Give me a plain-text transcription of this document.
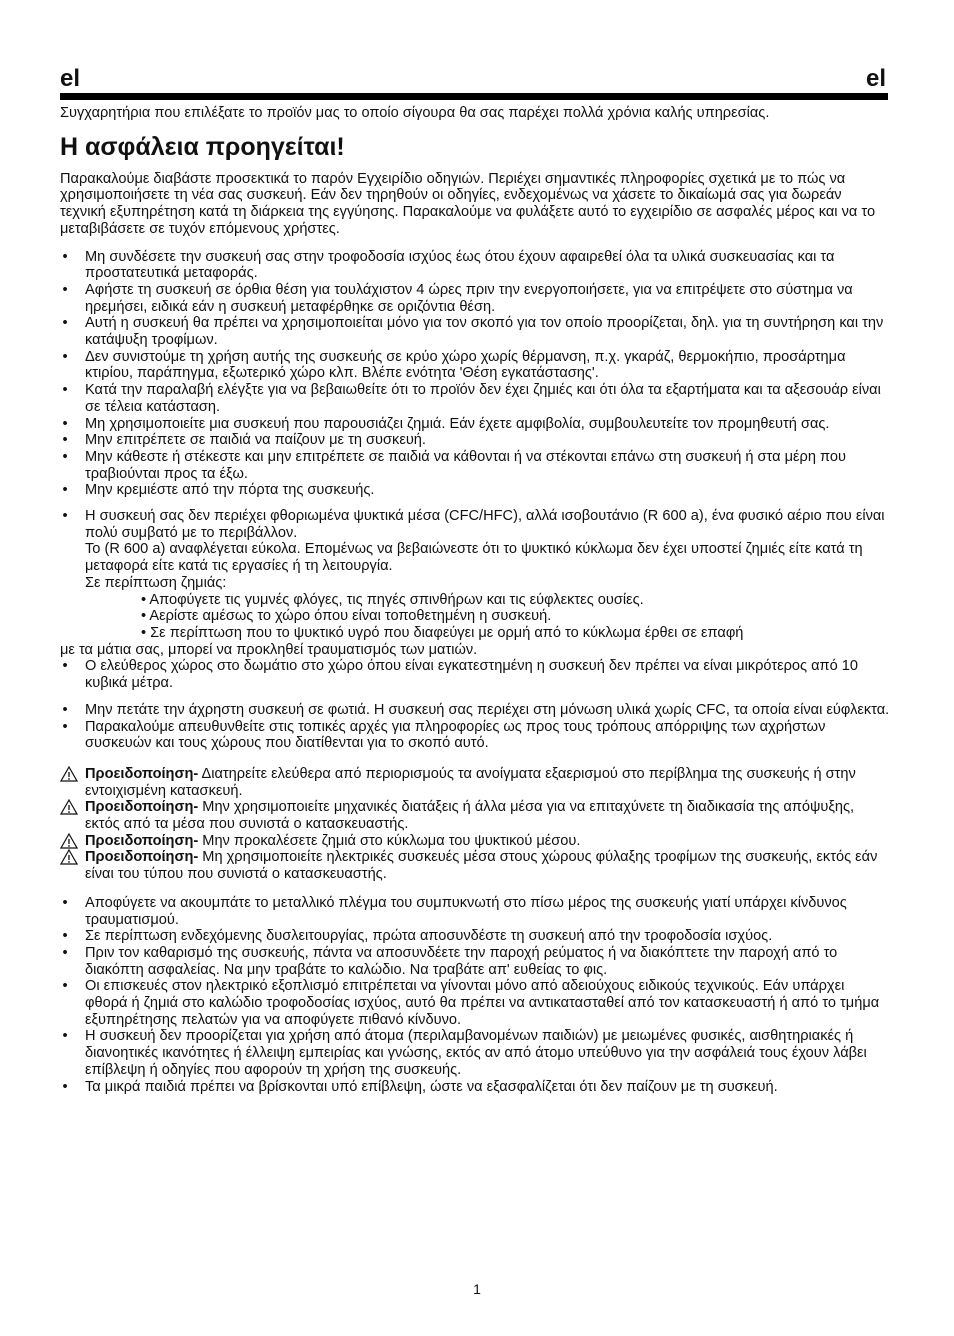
el	el

Συγχαρητήρια που επιλέξατε το προϊόν μας το οποίο σίγουρα θα σας παρέχει πολλά χρόνια καλής υπηρεσίας.

Η ασφάλεια προηγείται!

Παρακαλούμε διαβάστε προσεκτικά το παρόν Εγχειρίδιο οδηγιών. Περιέχει σημαντικές πληροφορίες σχετικά με το πώς να χρησιμοποιήσετε τη νέα σας συσκευή. Εάν δεν τηρηθούν οι οδηγίες, ενδεχομένως να χάσετε το δικαίωμά σας για δωρεάν τεχνική εξυπηρέτηση κατά τη διάρκεια της εγγύησης. Παρακαλούμε να φυλάξετε αυτό το εγχειρίδιο σε ασφαλές μέρος και να το μεταβιβάσετε σε τυχόν επόμενους χρήστες.

• Μη συνδέσετε την συσκευή σας στην τροφοδοσία ισχύος έως ότου έχουν αφαιρεθεί όλα τα υλικά συσκευασίας και τα προστατευτικά μεταφοράς.
• Αφήστε τη συσκευή σε όρθια θέση για τουλάχιστον 4 ώρες πριν την ενεργοποιήσετε, για να επιτρέψετε στο σύστημα να ηρεμήσει, ειδικά εάν η συσκευή μεταφέρθηκε σε οριζόντια θέση.
• Αυτή η συσκευή θα πρέπει να χρησιμοποιείται μόνο για τον σκοπό για τον οποίο προορίζεται, δηλ. για τη συντήρηση και την κατάψυξη τροφίμων.
• Δεν συνιστούμε τη χρήση αυτής της συσκευής σε κρύο χώρο χωρίς θέρμανση, π.χ. γκαράζ, θερμοκήπιο, προσάρτημα κτιρίου, παράπηγμα, εξωτερικό χώρο κλπ. Βλέπε ενότητα 'Θέση εγκατάστασης'.
• Κατά την παραλαβή ελέγξτε για να βεβαιωθείτε ότι το προϊόν δεν έχει ζημιές και ότι όλα τα εξαρτήματα και τα αξεσουάρ είναι σε τέλεια κατάσταση.
• Μη χρησιμοποιείτε μια συσκευή που παρουσιάζει ζημιά. Εάν έχετε αμφιβολία, συμβουλευτείτε τον προμηθευτή σας.
• Μην επιτρέπετε σε παιδιά να παίζουν με τη συσκευή.
• Μην κάθεστε ή στέκεστε και μην επιτρέπετε σε παιδιά να κάθονται ή να στέκονται επάνω στη συσκευή ή στα μέρη που τραβιούνται προς τα έξω.
• Μην κρεμιέστε από την πόρτα της συσκευής.
• Η συσκευή σας δεν περιέχει φθοριωμένα ψυκτικά μέσα (CFC/HFC), αλλά ισοβουτάνιο (R 600 a), ένα φυσικό αέριο που είναι πολύ συμβατό με το περιβάλλον.
Το (R 600 a) αναφλέγεται εύκολα. Επομένως να βεβαιώνεστε ότι το ψυκτικό κύκλωμα δεν έχει υποστεί ζημιές είτε κατά τη μεταφορά είτε κατά τις εργασίες ή τη λειτουργία.
Σε περίπτωση ζημιάς:
• Αποφύγετε τις γυμνές φλόγες, τις πηγές σπινθήρων και τις εύφλεκτες ουσίες.
• Αερίστε αμέσως το χώρο όπου είναι τοποθετημένη η συσκευή.
• Σε περίπτωση που το ψυκτικό υγρό που διαφεύγει με ορμή από το κύκλωμα έρθει σε επαφή

με τα μάτια σας, μπορεί να προκληθεί τραυματισμός των ματιών.

• Ο ελεύθερος χώρος στο δωμάτιο στο χώρο όπου είναι εγκατεστημένη η συσκευή δεν πρέπει να είναι μικρότερος από 10 κυβικά μέτρα.
• Μην πετάτε την άχρηστη συσκευή σε φωτιά. Η συσκευή σας περιέχει στη μόνωση υλικά χωρίς CFC, τα οποία είναι εύφλεκτα.
• Παρακαλούμε απευθυνθείτε στις τοπικές αρχές για πληροφορίες ως προς τους τρόπους απόρριψης των αχρήστων συσκευών και τους χώρους που διατίθενται για το σκοπό αυτό.
Προειδοποίηση- Διατηρείτε ελεύθερα από περιορισμούς τα ανοίγματα εξαερισμού στο περίβλημα της συσκευής ή στην εντοιχισμένη κατασκευή.
Προειδοποίηση- Μην χρησιμοποιείτε μηχανικές διατάξεις ή άλλα μέσα για να επιταχύνετε τη διαδικασία της απόψυξης, εκτός από τα μέσα που συνιστά ο κατασκευαστής.
Προειδοποίηση- Μην προκαλέσετε ζημιά στο κύκλωμα του ψυκτικού μέσου.
Προειδοποίηση- Μη χρησιμοποιείτε ηλεκτρικές συσκευές μέσα στους χώρους φύλαξης τροφίμων της συσκευής, εκτός εάν είναι του τύπου που συνιστά ο κατασκευαστής.
• Αποφύγετε να ακουμπάτε το μεταλλικό πλέγμα του συμπυκνωτή στο πίσω μέρος της συσκευής γιατί υπάρχει κίνδυνος τραυματισμού.
• Σε περίπτωση ενδεχόμενης δυσλειτουργίας, πρώτα αποσυνδέστε τη συσκευή από την τροφοδοσία ισχύος.
• Πριν τον καθαρισμό της συσκευής, πάντα να αποσυνδέετε την παροχή ρεύματος ή να διακόπτετε την παροχή από το διακόπτη ασφαλείας. Να μην τραβάτε το καλώδιο. Να τραβάτε απ' ευθείας το φις.
• Οι επισκευές στον ηλεκτρικό εξοπλισμό επιτρέπεται να γίνονται μόνο από αδειούχους ειδικούς τεχνικούς. Εάν υπάρχει φθορά ή ζημιά στο καλώδιο τροφοδοσίας ισχύος, αυτό θα πρέπει να αντικατασταθεί από τον κατασκευαστή ή από το τμήμα εξυπηρέτησης πελατών για να αποφύγετε πιθανό κίνδυνο.
• Η συσκευή δεν προορίζεται για χρήση από άτομα (περιλαμβανομένων παιδιών) με μειωμένες φυσικές, αισθητηριακές ή διανοητικές ικανότητες ή έλλειψη εμπειρίας και γνώσης, εκτός αν από άτομο υπεύθυνο για την ασφάλειά τους έχουν λάβει επίβλεψη ή οδηγίες που αφορούν τη χρήση της συσκευής.
• Τα μικρά παιδιά πρέπει να βρίσκονται υπό επίβλεψη, ώστε να εξασφαλίζεται ότι δεν παίζουν με τη συσκευή.
1
